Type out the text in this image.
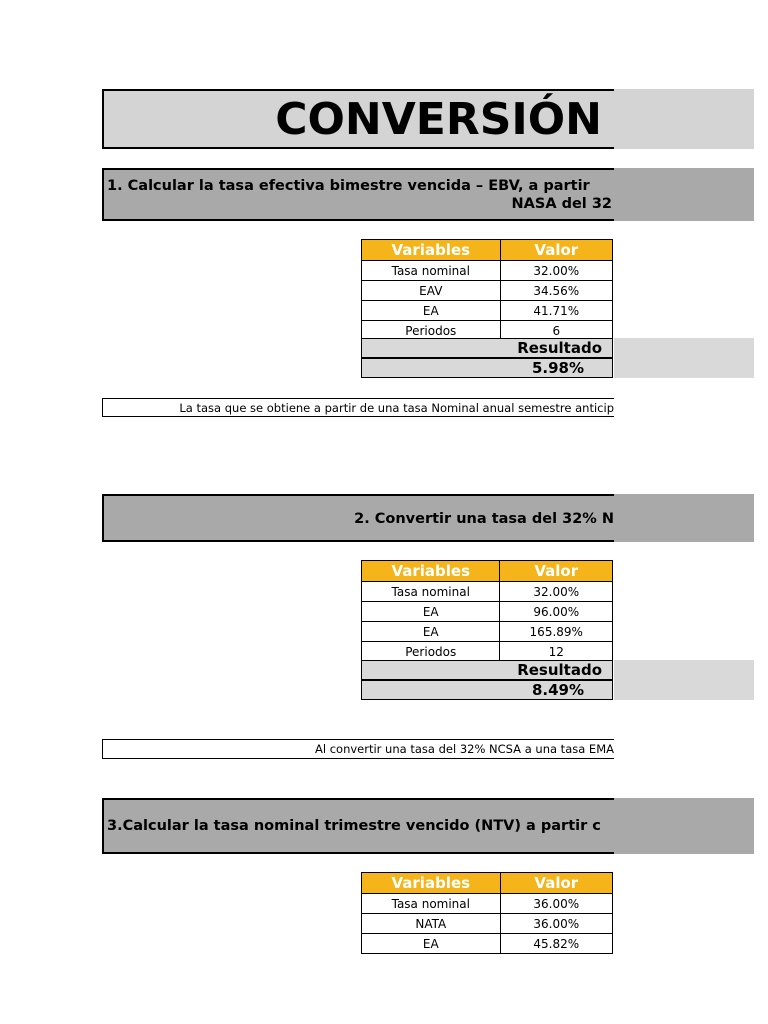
CONVERSIÓN
1. Calcular la tasa efectiva bimestre vencida – EBV, a partir
NASA del 32
Variables	Valor
Tasa nominal	32.00%
EAV	34.56%
EA	41.71%
Periodos	6
Resultado
5.98%
La tasa que se obtiene a partir de una tasa Nominal anual semestre anticip
2. Convertir una tasa del 32% N
Variables	Valor
Tasa nominal	32.00%
EA	96.00%
EA	165.89%
Periodos	12
Resultado
8.49%
Al convertir una tasa del 32% NCSA a una tasa EMA
3.Calcular la tasa nominal trimestre vencido (NTV) a partir c
Variables	Valor
Tasa nominal	36.00%
NATA	36.00%
EA	45.82%
